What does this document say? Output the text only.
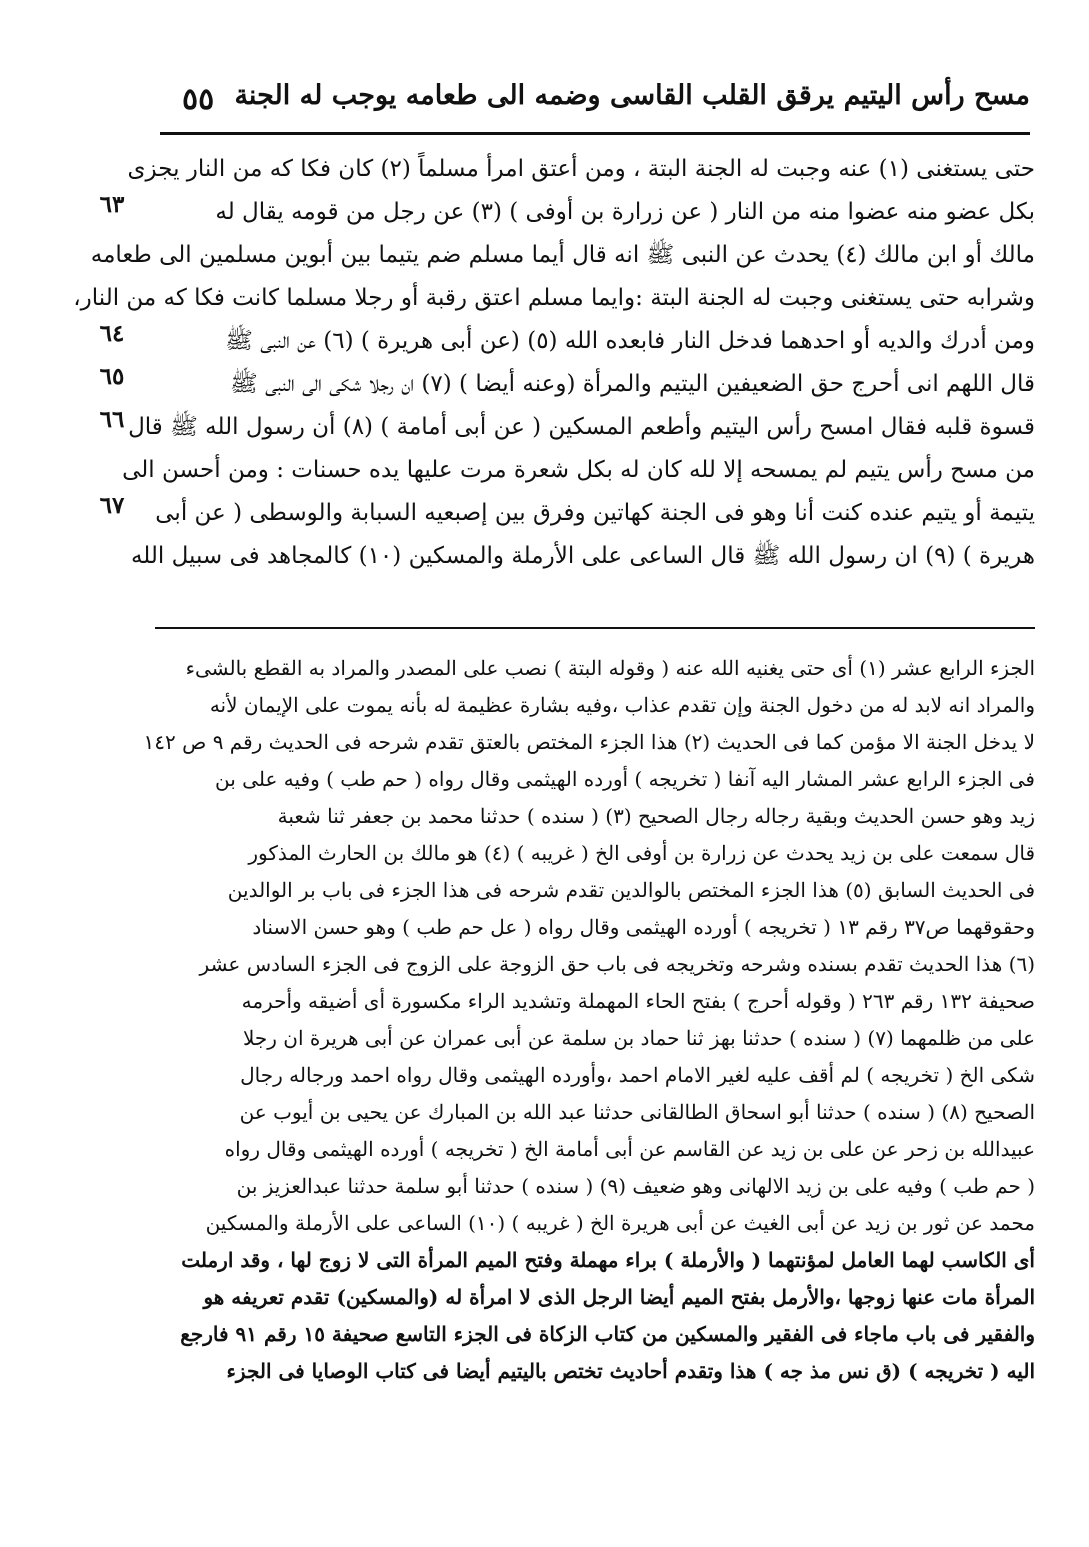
٥٥ مسح رأس اليتيم يرقق القلب القاسى وضمه الى طعامه يوجب له الجنة
حتى يستغنى (١) عنه وجبت له الجنة البتة ، ومن أعتق امرأ مسلماً (٢) كان فكا كه من النار يجزى
بكل عضو منه عضوا منه من النار ( عن زرارة بن أوفى ) (٣) عن رجل من قومه يقال له
مالك أو ابن مالك (٤) يحدث عن النبى ﷺ انه قال أيما مسلم ضم يتيما بين أبوين مسلمين الى طعامه
وشرابه حتى يستغنى وجبت له الجنة البتة :وايما مسلم اعتق رقبة أو رجلا مسلما كانت فكا كه من النار،
ومن أدرك والديه أو احدهما فدخل النار فابعده الله (٥) (عن أبى هريرة ) (٦) عن النبى ﷺ
قال اللهم انى أحرج حق الضعيفين اليتيم والمرأة (وعنه أيضا ) (٧) ان رجلا شكى الى النبى ﷺ
قسوة قلبه فقال امسح رأس اليتيم وأطعم المسكين ( عن أبى أمامة ) (٨) أن رسول الله ﷺ قال
من مسح رأس يتيم لم يمسحه إلا لله كان له بكل شعرة مرت عليها يده حسنات : ومن أحسن الى
يتيمة أو يتيم عنده كنت أنا وهو فى الجنة كهاتين وفرق بين إصبعيه السبابة والوسطى ( عن أبى
هريرة ) (٩) ان رسول الله ﷺ قال الساعى على الأرملة والمسكين (١٠) كالمجاهد فى سبيل الله
٦٣
٦٤
٦٥
٦٦
٦٧
الجزء الرابع عشر (١) أى حتى يغنيه الله عنه ( وقوله البتة ) نصب على المصدر والمراد به القطع بالشىء
والمراد انه لابد له من دخول الجنة وإن تقدم عذاب ،وفيه بشارة عظيمة له بأنه يموت على الإيمان لأنه
لا يدخل الجنة الا مؤمن كما فى الحديث (٢) هذا الجزء المختص بالعتق تقدم شرحه فى الحديث رقم ٩ ص ١٤٢
فى الجزء الرابع عشر المشار اليه آنفا ( تخريجه ) أورده الهيثمى وقال رواه ( حم طب ) وفيه على بن
زيد وهو حسن الحديث وبقية رجاله رجال الصحيح (٣) ( سنده ) حدثنا محمد بن جعفر ثنا شعبة
قال سمعت على بن زيد يحدث عن زرارة بن أوفى الخ ( غريبه ) (٤) هو مالك بن الحارث المذكور
فى الحديث السابق (٥) هذا الجزء المختص بالوالدين تقدم شرحه فى هذا الجزء فى باب بر الوالدين
وحقوقهما ص٣٧ رقم ١٣ ( تخريجه ) أورده الهيثمى وقال رواه ( عل حم طب ) وهو حسن الاسناد
(٦) هذا الحديث تقدم بسنده وشرحه وتخريجه فى باب حق الزوجة على الزوج فى الجزء السادس عشر
صحيفة ١٣٢ رقم ٢٦٣ ( وقوله أحرج ) بفتح الحاء المهملة وتشديد الراء مكسورة أى أضيقه وأحرمه
على من ظلمهما (٧) ( سنده ) حدثنا بهز ثنا حماد بن سلمة عن أبى عمران عن أبى هريرة ان رجلا
شكى الخ ( تخريجه ) لم أقف عليه لغير الامام احمد ،وأورده الهيثمى وقال رواه احمد ورجاله رجال
الصحيح (٨) ( سنده ) حدثنا أبو اسحاق الطالقانى حدثنا عبد الله بن المبارك عن يحيى بن أيوب عن
عبيدالله بن زحر عن على بن زيد عن القاسم عن أبى أمامة الخ ( تخريجه ) أورده الهيثمى وقال رواه
( حم طب ) وفيه على بن زيد الالهانى وهو ضعيف (٩) ( سنده ) حدثنا أبو سلمة حدثنا عبدالعزيز بن
محمد عن ثور بن زيد عن أبى الغيث عن أبى هريرة الخ ( غريبه ) (١٠) الساعى على الأرملة والمسكين
أى الكاسب لهما العامل لمؤنتهما ( والأرملة ) براء مهملة وفتح الميم المرأة التى لا زوج لها ، وقد ارملت
المرأة مات عنها زوجها ،والأرمل بفتح الميم أيضا الرجل الذى لا امرأة له (والمسكين) تقدم تعريفه هو
والفقير فى باب ماجاء فى الفقير والمسكين من كتاب الزكاة فى الجزء التاسع صحيفة ١٥ رقم ٩١ فارجع
اليه ( تخريجه ) (ق نس مذ جه ) هذا وتقدم أحاديث تختص باليتيم أيضا فى كتاب الوصايا فى الجزء
